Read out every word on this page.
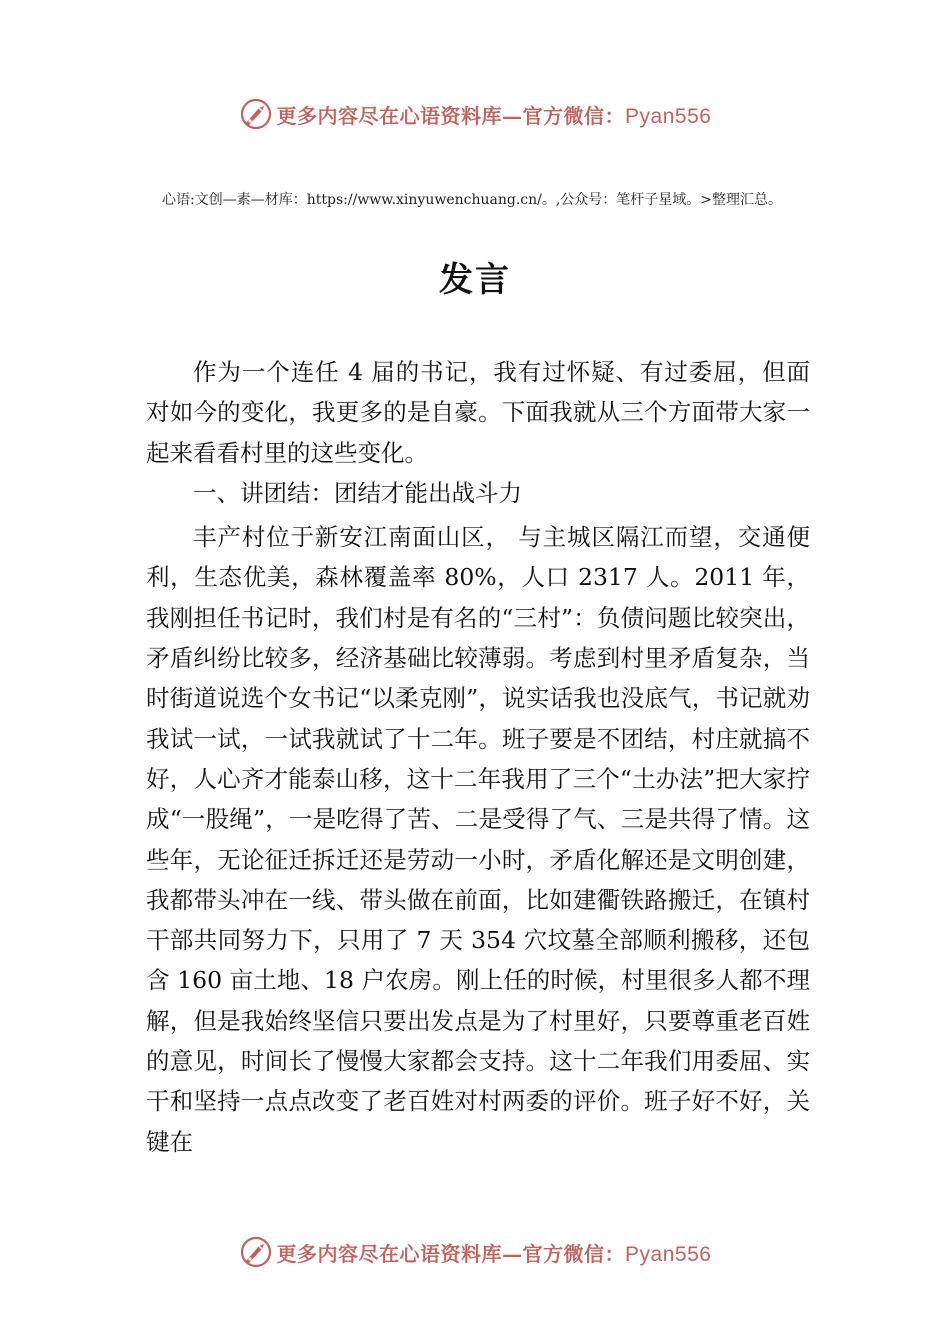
更多内容尽在心语资料库—官方微信：Pyan556
心语:文创—素—材库：https://www.xinyuwenchuang.cn/。,公众号：笔杆子星域。>整理汇总。
发言

作为一个连任 4 届的书记，我有过怀疑、有过委屈，但面对如今的变化，我更多的是自豪。下面我就从三个方面带大家一起来看看村里的这些变化。

一、讲团结：团结才能出战斗力

丰产村位于新安江南面山区， 与主城区隔江而望，交通便利，生态优美，森林覆盖率 80%，人口 2317 人。2011 年， 我刚担任书记时，我们村是有名的“三村”：负债问题比较突出，矛盾纠纷比较多，经济基础比较薄弱。考虑到村里矛盾复杂，当时街道说选个女书记“以柔克刚”，说实话我也没底气，书记就劝我试一试，一试我就试了十二年。班子要是不团结，村庄就搞不好，人心齐才能泰山移，这十二年我用了三个“土办法”把大家拧成“一股绳”，一是吃得了苦、二是受得了气、三是共得了情。这些年，无论征迁拆迁还是劳动一小时，矛盾化解还是文明创建，我都带头冲在一线、带头做在前面，比如建衢铁路搬迁，在镇村干部共同努力下，只用了 7 天 354 穴坟墓全部顺利搬移，还包含 160 亩土地、18 户农房。刚上任的时候，村里很多人都不理解，但是我始终坚信只要出发点是为了村里好，只要尊重老百姓的意见，时间长了慢慢大家都会支持。这十二年我们用委屈、实干和坚持一点点改变了老百姓对村两委的评价。班子好不好，关键在

更多内容尽在心语资料库—官方微信：Pyan556
